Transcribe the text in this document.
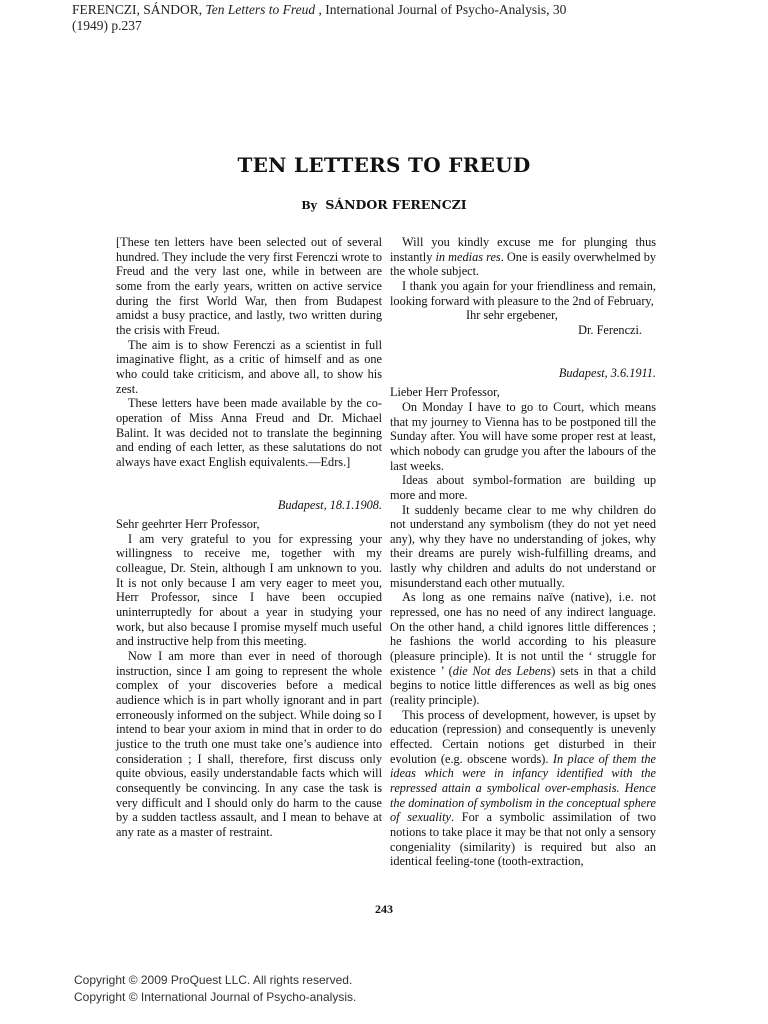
FERENCZI, SÁNDOR, Ten Letters to Freud , International Journal of Psycho-Analysis, 30
(1949) p.237
TEN LETTERS TO FREUD
By SÁNDOR FERENCZI

[These ten letters have been selected out of several hundred. They include the very first Ferenczi wrote to Freud and the very last one, while in between are some from the early years, written on active service during the first World War, then from Budapest amidst a busy practice, and lastly, two written during the crisis with Freud.

The aim is to show Ferenczi as a scientist in full imaginative flight, as a critic of himself and as one who could take criticism, and above all, to show his zest.

These letters have been made available by the co-operation of Miss Anna Freud and Dr. Michael Balint. It was decided not to translate the beginning and ending of each letter, as these salutations do not always have exact English equivalents.—Edrs.]

Budapest, 18.1.1908.

Sehr geehrter Herr Professor,

I am very grateful to you for expressing your willingness to receive me, together with my colleague, Dr. Stein, although I am unknown to you. It is not only because I am very eager to meet you, Herr Professor, since I have been occupied uninterruptedly for about a year in studying your work, but also because I promise myself much useful and instructive help from this meeting.

Now I am more than ever in need of thorough instruction, since I am going to represent the whole complex of your discoveries before a medical audience which is in part wholly ignorant and in part erroneously informed on the subject. While doing so I intend to bear your axiom in mind that in order to do justice to the truth one must take one’s audience into consideration ; I shall, therefore, first discuss only quite obvious, easily understandable facts which will consequently be convincing. In any case the task is very difficult and I should only do harm to the cause by a sudden tactless assault, and I mean to behave at any rate as a master of restraint.

Will you kindly excuse me for plunging thus instantly in medias res. One is easily overwhelmed by the whole subject.

I thank you again for your friendliness and remain, looking forward with pleasure to the 2nd of February,

Ihr sehr ergebener,

Dr. Ferenczi.

Budapest, 3.6.1911.

Lieber Herr Professor,

On Monday I have to go to Court, which means that my journey to Vienna has to be postponed till the Sunday after. You will have some proper rest at least, which nobody can grudge you after the labours of the last weeks.

Ideas about symbol-formation are building up more and more.

It suddenly became clear to me why children do not understand any symbolism (they do not yet need any), why they have no understanding of jokes, why their dreams are purely wish-fulfilling dreams, and lastly why children and adults do not understand or misunderstand each other mutually.

As long as one remains naïve (native), i.e. not repressed, one has no need of any indirect language. On the other hand, a child ignores little differences ; he fashions the world according to his pleasure (pleasure principle). It is not until the ‘ struggle for existence ’ (die Not des Lebens) sets in that a child begins to notice little differences as well as big ones (reality principle).

This process of development, however, is upset by education (repression) and consequently is unevenly effected. Certain notions get disturbed in their evolution (e.g. obscene words). In place of them the ideas which were in infancy identified with the repressed attain a symbolical over-emphasis. Hence the domination of symbolism in the conceptual sphere of sexuality. For a symbolic assimilation of two notions to take place it may be that not only a sensory congeniality (similarity) is required but also an identical feeling-tone (tooth-extraction,

243
Copyright © 2009 ProQuest LLC. All rights reserved.
Copyright © International Journal of Psycho-analysis.
